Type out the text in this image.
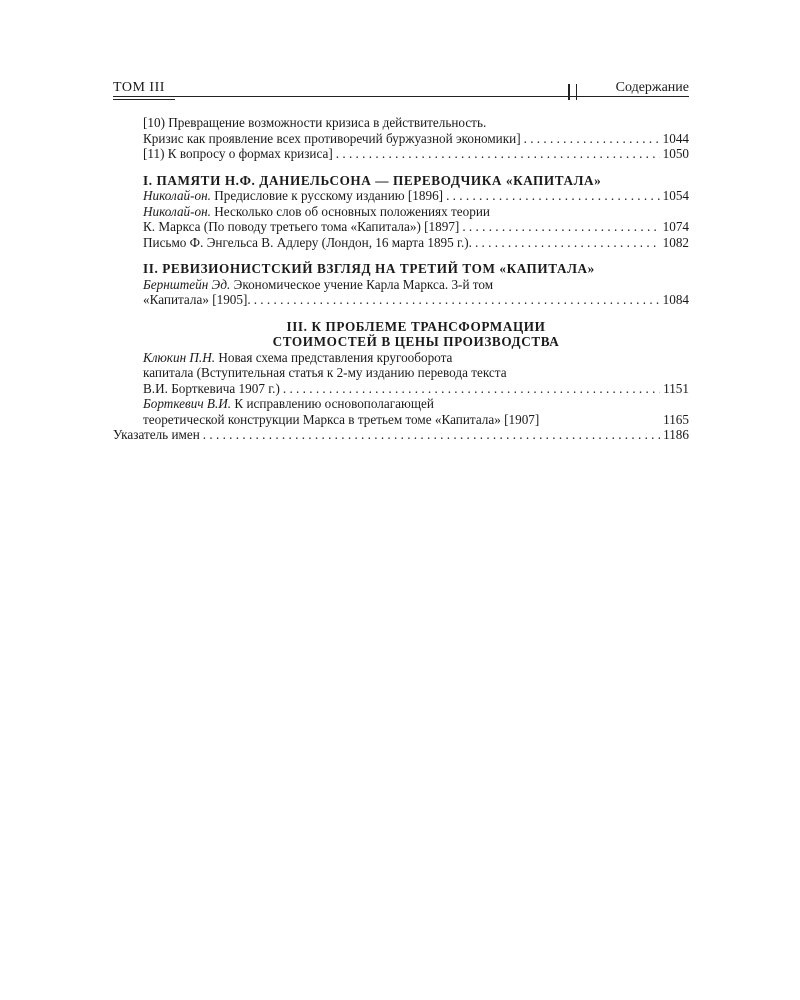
ТОМ III	Содержание
[10) Превращение возможности кризиса в действительность.
Кризис как проявление всех противоречий буржуазной экономики] . . .	1044
[11) К вопросу о формах кризиса] . . .	1050
I. ПАМЯТИ Н.Ф. ДАНИЕЛЬСОНА — ПЕРЕВОДЧИКА «КАПИТАЛА»
Николай-он. Предисловие к русскому изданию [1896] . . .	1054
Николай-он. Несколько слов об основных положениях теории
К. Маркса (По поводу третьего тома «Капитала») [1897] . . .	1074
Письмо Ф. Энгельса В. Адлеру (Лондон, 16 марта 1895 г.). . . .	1082
II. РЕВИЗИОНИСТСКИЙ ВЗГЛЯД НА ТРЕТИЙ ТОМ «КАПИТАЛА»
Бернштейн Эд. Экономическое учение Карла Маркса. 3-й том
«Капитала» [1905]. . . .	1084
III. К ПРОБЛЕМЕ ТРАНСФОРМАЦИИ
СТОИМОСТЕЙ В ЦЕНЫ ПРОИЗВОДСТВА
Клюкин П.Н. Новая схема представления кругооборота
капитала (Вступительная статья к 2-му изданию перевода текста
В.И. Борткевича 1907 г.) . . .	1151
Борткевич В.И. К исправлению основополагающей
теоретической конструкции Маркса в третьем томе «Капитала» [1907]	1165
Указатель имен . . .	1186
